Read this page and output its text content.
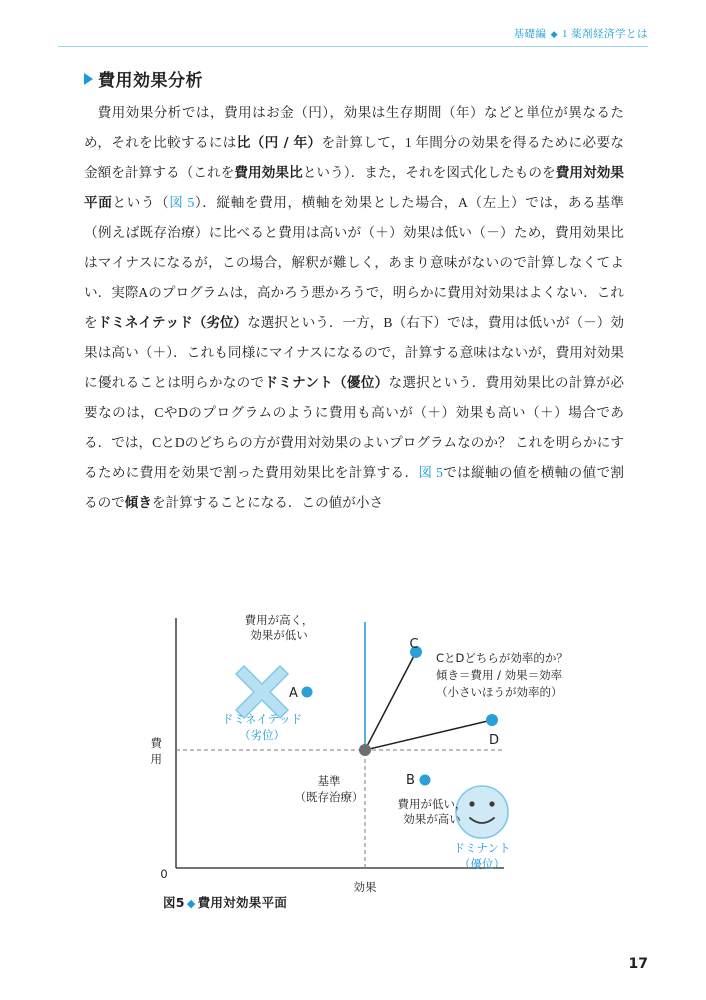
基礎編 ◆ 1 薬剤経済学とは
費用効果分析

費用効果分析では，費用はお金（円），効果は生存期間（年）などと単位が異なるため，それを比較するには比（円 / 年）を計算して，1 年間分の効果を得るために必要な金額を計算する（これを費用効果比という）．また，それを図式化したものを費用対効果平面という（図 5）．縦軸を費用，横軸を効果とした場合，A（左上）では，ある基準（例えば既存治療）に比べると費用は高いが（＋）効果は低い（－）ため，費用効果比はマイナスになるが，この場合，解釈が難しく，あまり意味がないので計算しなくてよい．実際Aのプログラムは，高かろう悪かろうで，明らかに費用対効果はよくない．これをドミネイテッド（劣位）な選択という．一方，B（右下）では，費用は低いが（－）効果は高い（＋）．これも同様にマイナスになるので，計算する意味はないが，費用対効果に優れることは明らかなのでドミナント（優位）な選択という．費用効果比の計算が必要なのは，CやDのプログラムのように費用も高いが（＋）効果も高い（＋）場合である．では，CとDのどちらの方が費用対効果のよいプログラムなのか？ これを明らかにするために費用を効果で割った費用効果比を計算する．図 5では縦軸の値を横軸の値で割るので傾きを計算することになる．この値が小さ

費用が高く，
効果が低い
A
C
D
B
ドミネイテッド
（劣位）
基準
（既存治療）	費用が低い，
効果が高い
ドミナント
（優位）
CとDどちらが効率的か？
傾き＝費用 / 効果＝効率
（小さいほうが効率的）
費
用
効果
0
図5 ◆ 費用対効果平面
17
